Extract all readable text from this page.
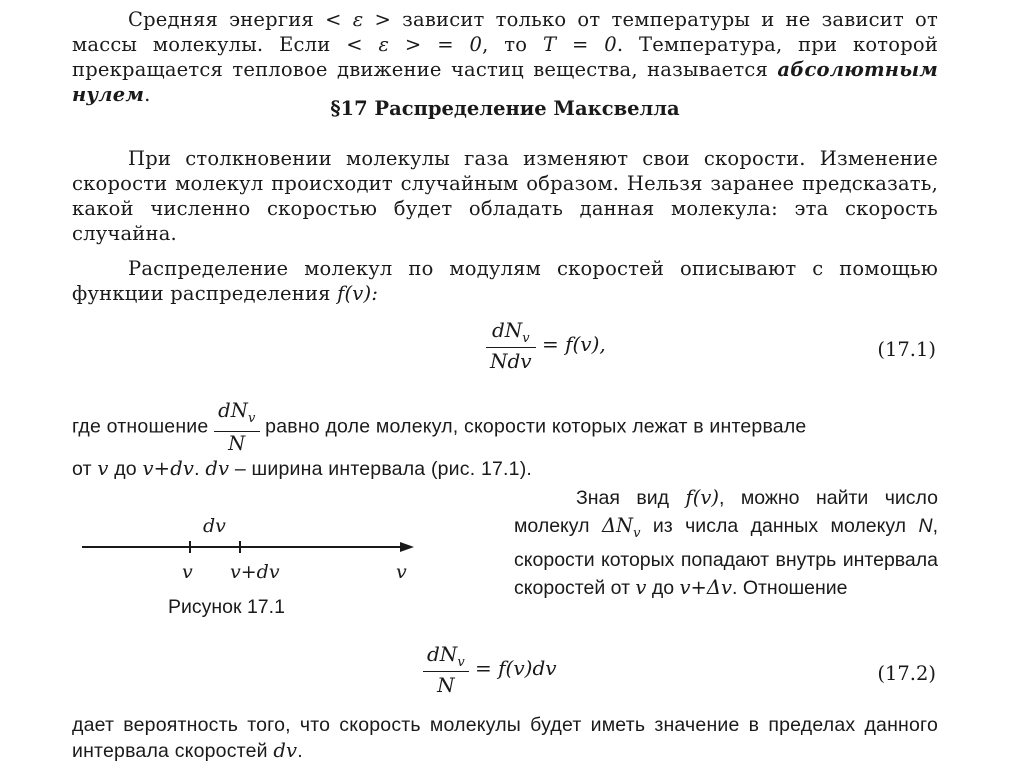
Средняя энергия < ε > зависит только от температуры и не зависит от массы молекулы. Если < ε > = 0, то T = 0. Температура, при которой прекращается тепловое движение частиц вещества, называется абсолютным нулем.
§17 Распределение Максвелла
При столкновении молекулы газа изменяют свои скорости. Изменение скорости молекул происходит случайным образом. Нельзя заранее предсказать, какой численно скоростью будет обладать данная молекула: эта скорость случайна.
Распределение молекул по модулям скоростей описывают с помощью функции распределения f(v):
$\frac{dN_v}{\text{Ndv}} = f(v)$,	(17.1)
где отношение $\frac{dN_v}{N}$ равно доле молекул, скорости которых лежат в интервале
от v до v+dv. dv – ширина интервала (рис. 17.1).
dv
v v+dv	v
Рисунок 17.1
Зная вид f(v), можно найти число молекул $\Delta N_v$ из числа данных молекул N, скорости которых попадают внутрь интервала скоростей от v до v+Δv. Отношение
$\frac{dN_v}{N} = f(v)dv$	(17.2)
дает вероятность того, что скорость молекулы будет иметь значение в пределах данного интервала скоростей dv.
